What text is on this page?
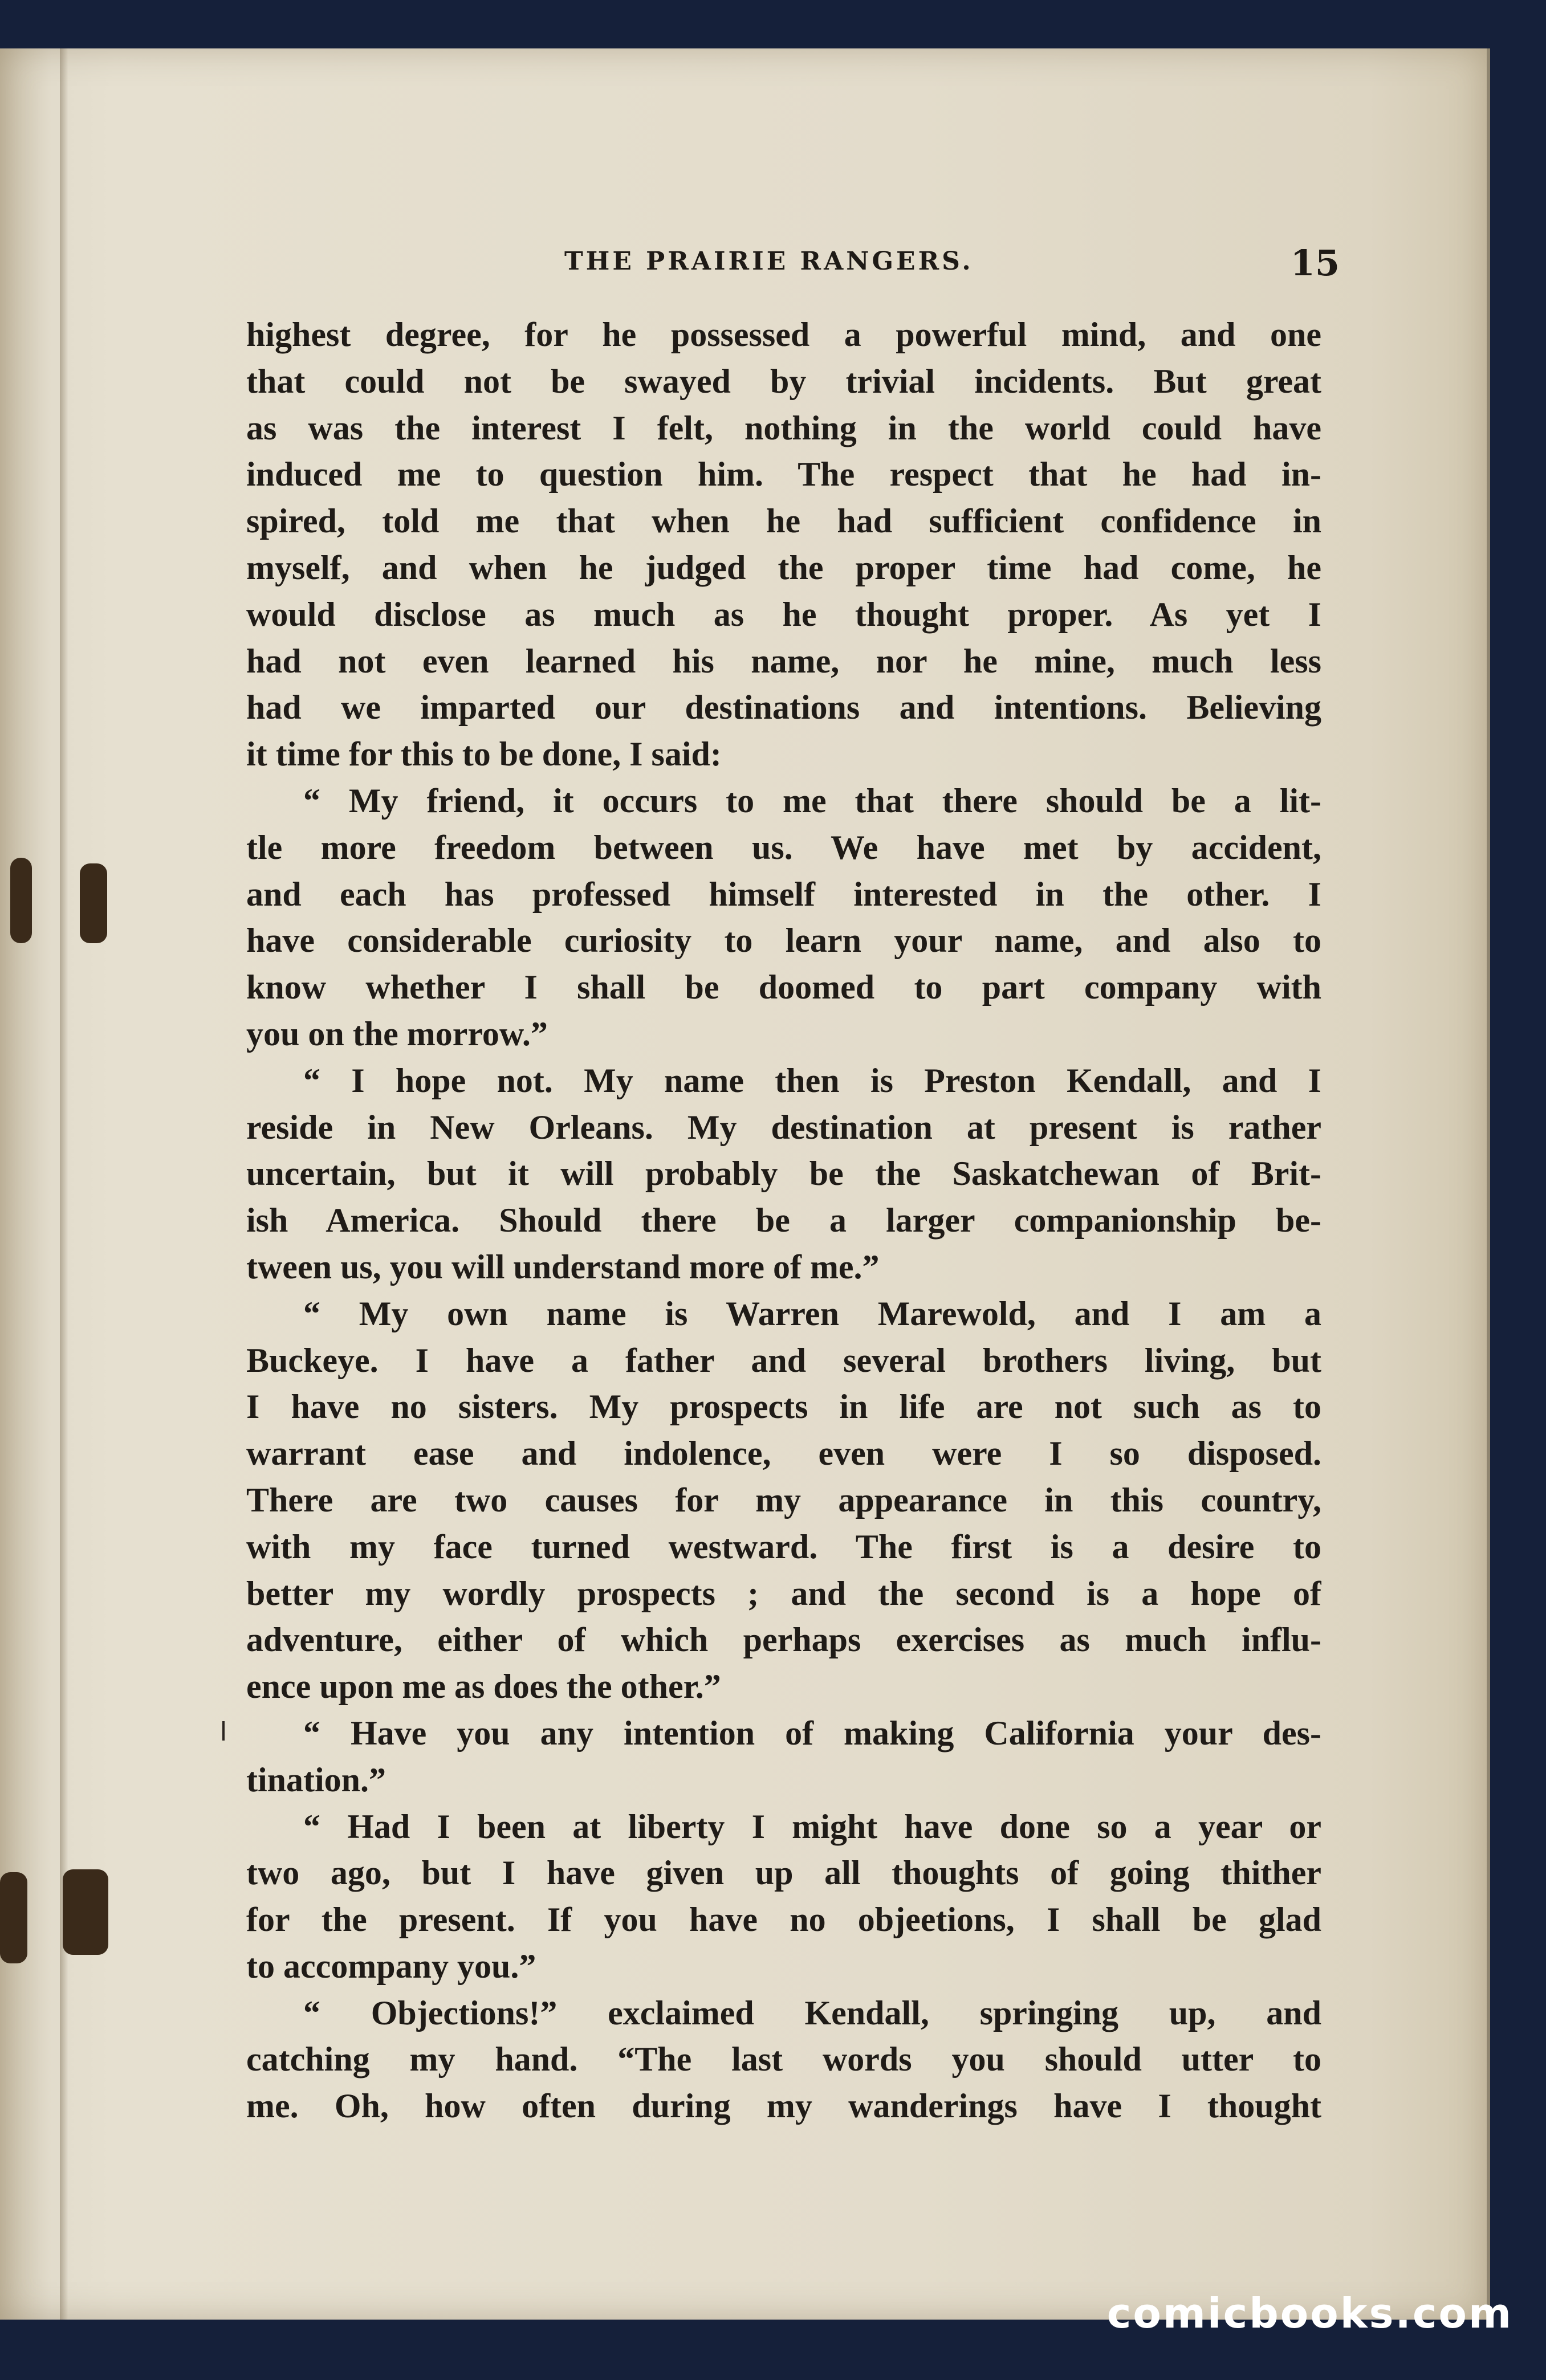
THE PRAIRIE RANGERS.	15
highest degree, for he possessed a powerful mind, and one
that could not be swayed by trivial incidents. But great
as was the interest I felt, nothing in the world could have
induced me to question him. The respect that he had in-
spired, told me that when he had sufficient confidence in
myself, and when he judged the proper time had come, he
would disclose as much as he thought proper. As yet I
had not even learned his name, nor he mine, much less
had we imparted our destinations and intentions. Believing
it time for this to be done, I said:
“ My friend, it occurs to me that there should be a lit-
tle more freedom between us. We have met by accident,
and each has professed himself interested in the other. I
have considerable curiosity to learn your name, and also to
know whether I shall be doomed to part company with
you on the morrow.”
“ I hope not. My name then is Preston Kendall, and I
reside in New Orleans. My destination at present is rather
uncertain, but it will probably be the Saskatchewan of Brit-
ish America. Should there be a larger companionship be-
tween us, you will understand more of me.”
“ My own name is Warren Marewold, and I am a
Buckeye. I have a father and several brothers living, but
I have no sisters. My prospects in life are not such as to
warrant ease and indolence, even were I so disposed.
There are two causes for my appearance in this country,
with my face turned westward. The first is a desire to
better my wordly prospects ; and the second is a hope of
adventure, either of which perhaps exercises as much influ-
ence upon me as does the other.”
“ Have you any intention of making California your des-
tination.”
“ Had I been at liberty I might have done so a year or
two ago, but I have given up all thoughts of going thither
for the present. If you have no objeetions, I shall be glad
to accompany you.”
“ Objections!” exclaimed Kendall, springing up, and
catching my hand. “The last words you should utter to
me. Oh, how often during my wanderings have I thought
comicbooks.com
